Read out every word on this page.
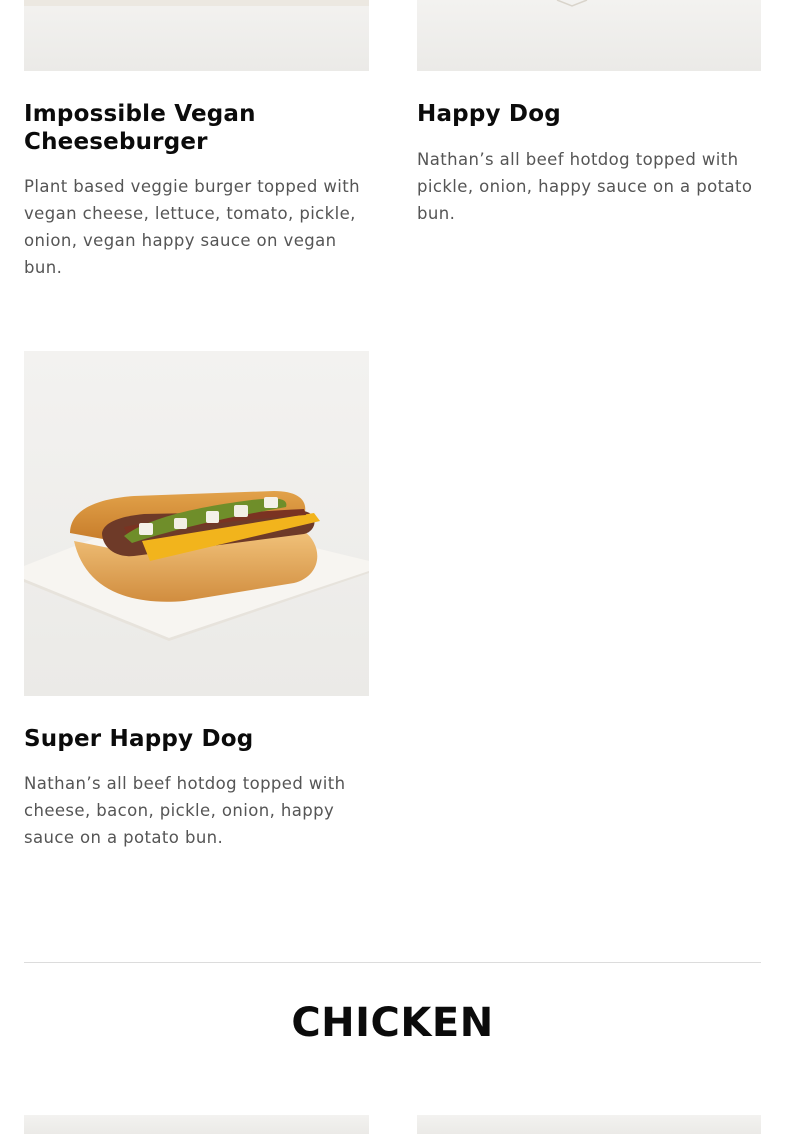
Impossible Vegan Cheeseburger

Plant based veggie burger topped with vegan cheese, lettuce, tomato, pickle, onion, vegan happy sauce on vegan bun.

Happy Dog

Nathan’s all beef hotdog topped with pickle, onion, happy sauce on a potato bun.

Super Happy Dog

Nathan’s all beef hotdog topped with cheese, bacon, pickle, onion, happy sauce on a potato bun.

CHICKEN
